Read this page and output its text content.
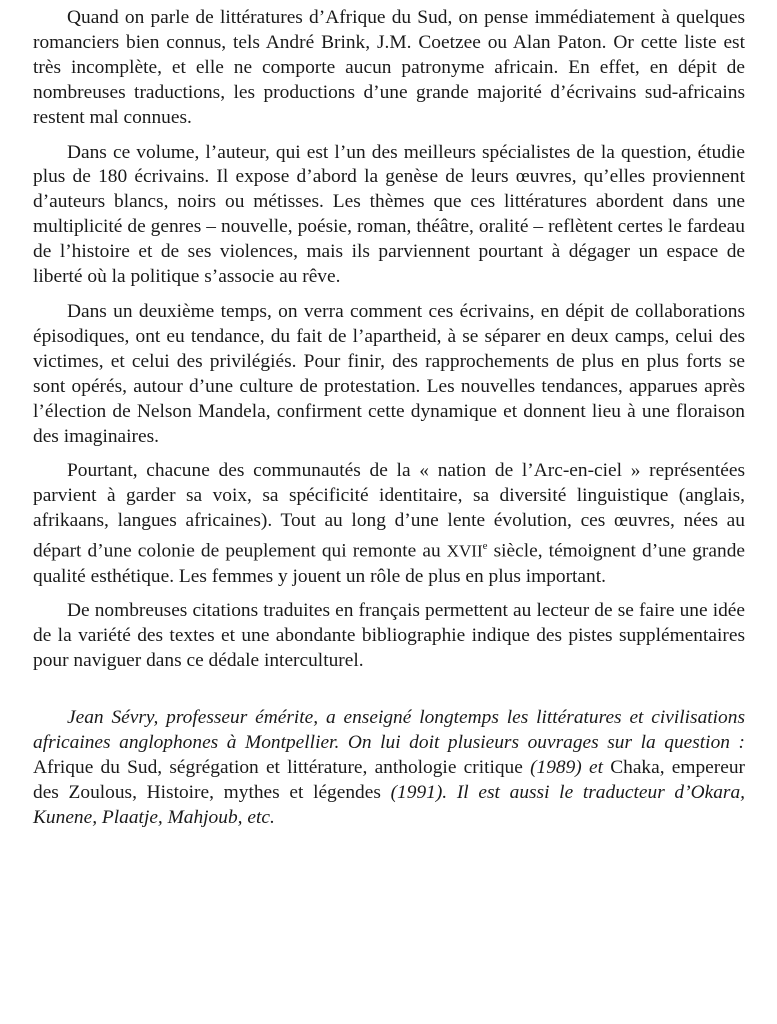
Quand on parle de littératures d’Afrique du Sud, on pense immédiatement à quelques romanciers bien connus, tels André Brink, J.M. Coetzee ou Alan Paton. Or cette liste est très incomplète, et elle ne comporte aucun patronyme africain. En effet, en dépit de nombreuses traductions, les productions d’une grande majorité d’écrivains sud-africains restent mal connues.

Dans ce volume, l’auteur, qui est l’un des meilleurs spécialistes de la question, étudie plus de 180 écrivains. Il expose d’abord la genèse de leurs œuvres, qu’elles proviennent d’auteurs blancs, noirs ou métisses. Les thèmes que ces littératures abordent dans une multiplicité de genres – nouvelle, poésie, roman, théâtre, oralité – reflètent certes le fardeau de l’histoire et de ses violences, mais ils parviennent pourtant à dégager un espace de liberté où la politique s’associe au rêve.

Dans un deuxième temps, on verra comment ces écrivains, en dépit de collaborations épisodiques, ont eu tendance, du fait de l’apartheid, à se séparer en deux camps, celui des victimes, et celui des privilégiés. Pour finir, des rapprochements de plus en plus forts se sont opérés, autour d’une culture de protestation. Les nouvelles tendances, apparues après l’élection de Nelson Mandela, confirment cette dynamique et donnent lieu à une floraison des imaginaires.

Pourtant, chacune des communautés de la « nation de l’Arc-en-ciel » représentées parvient à garder sa voix, sa spécificité identitaire, sa diversité linguistique (anglais, afrikaans, langues africaines). Tout au long d’une lente évolution, ces œuvres, nées au départ d’une colonie de peuplement qui remonte au XVIIe siècle, témoignent d’une grande qualité esthétique. Les femmes y jouent un rôle de plus en plus important.

De nombreuses citations traduites en français permettent au lecteur de se faire une idée de la variété des textes et une abondante bibliographie indique des pistes supplémentaires pour naviguer dans ce dédale interculturel.

Jean Sévry, professeur émérite, a enseigné longtemps les littératures et civilisations africaines anglophones à Montpellier. On lui doit plusieurs ouvrages sur la question : Afrique du Sud, ségrégation et littérature, anthologie critique (1989) et Chaka, empereur des Zoulous, Histoire, mythes et légendes (1991). Il est aussi le traducteur d’Okara, Kunene, Plaatje, Mahjoub, etc.
